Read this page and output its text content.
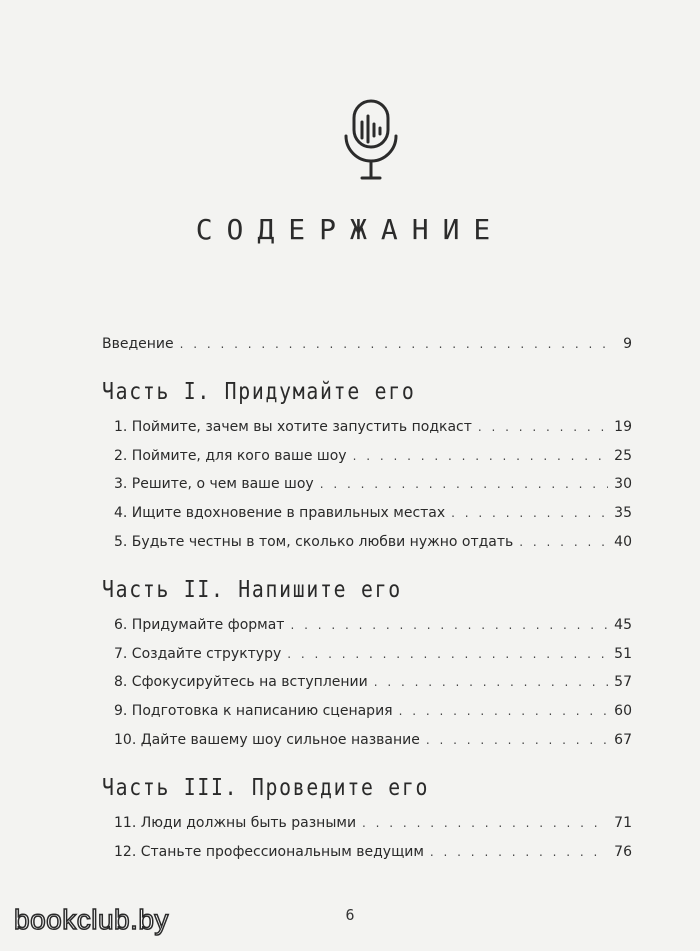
СОДЕРЖАНИЕ
Введение . . .	9
Часть I. Придумайте его
1. Поймите, зачем вы хотите запустить подкаст . . .	19
2. Поймите, для кого ваше шоу . . .	25
3. Решите, о чем ваше шоу . . .	30
4. Ищите вдохновение в правильных местах . . .	35
5. Будьте честны в том, сколько любви нужно отдать . . .	40
Часть II. Напишите его
6. Придумайте формат . . .	45
7. Создайте структуру . . .	51
8. Сфокусируйтесь на вступлении . . .	57
9. Подготовка к написанию сценария . . .	60
10. Дайте вашему шоу сильное название . . .	67
Часть III. Проведите его
11. Люди должны быть разными . . .	71
12. Станьте профессиональным ведущим . . .	76
6
bookclub.by
